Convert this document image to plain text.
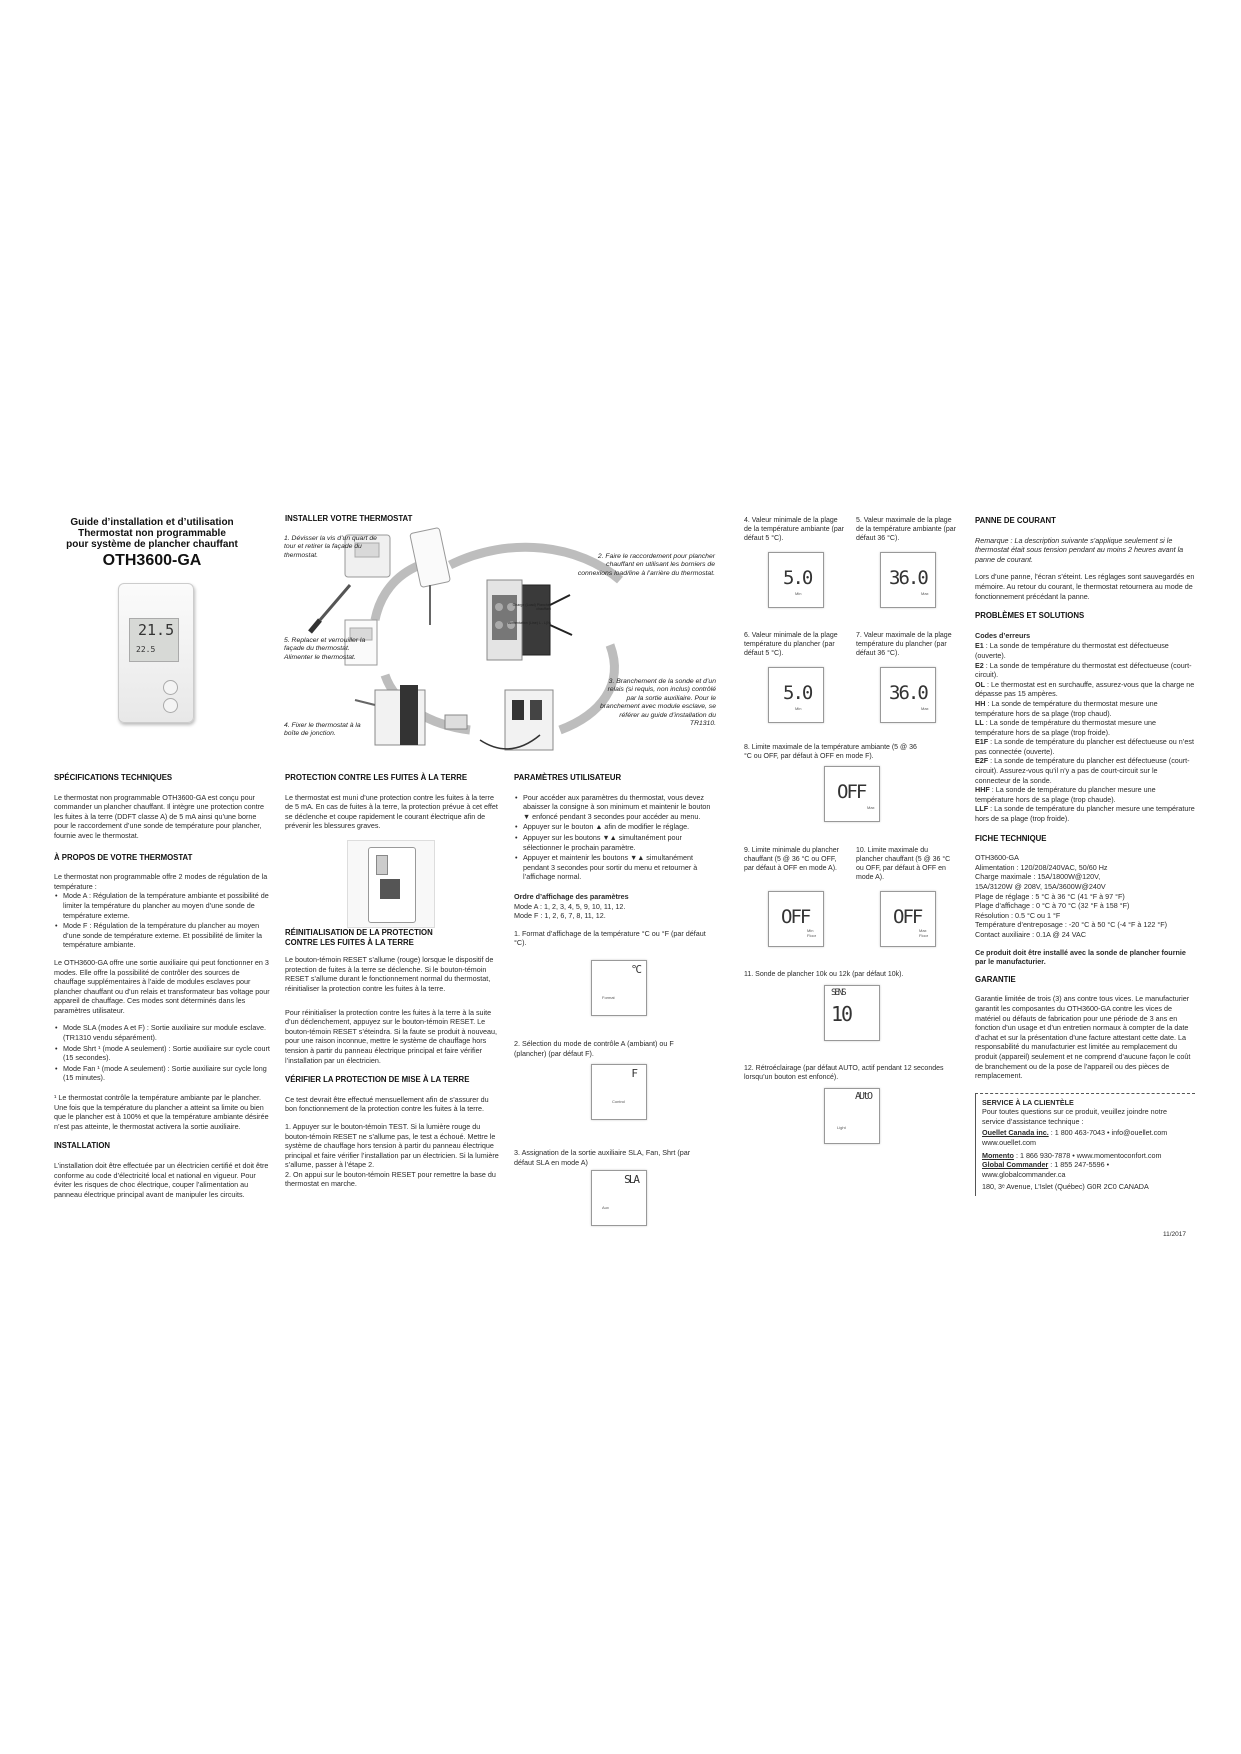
Guide d’installation et d’utilisation
Thermostat non programmable
pour système de plancher chauffant
OTH3600-GA
21.5
22.5
SPÉCIFICATIONS TECHNIQUES

Le thermostat non programmable OTH3600-GA est conçu pour commander un plancher chauffant. Il intègre une protection contre les fuites à la terre (DDFT classe A) de 5 mA ainsi qu’une borne pour le raccordement d’une sonde de température pour plancher, fournie avec le thermostat.

À PROPOS DE VOTRE THERMOSTAT

Le thermostat non programmable offre 2 modes de régulation de la température :

• Mode A : Régulation de la température ambiante et possibilité de limiter la température du plancher au moyen d’une sonde de température externe.
• Mode F : Régulation de la température du plancher au moyen d’une sonde de température externe. Et possibilité de limiter la température ambiante.

Le OTH3600-GA offre une sortie auxiliaire qui peut fonctionner en 3 modes. Elle offre la possibilité de contrôler des sources de chauffage supplémentaires à l’aide de modules esclaves pour plancher chauffant ou d’un relais et transformateur bas voltage pour appareil de chauffage. Ces modes sont déterminés dans les paramètres utilisateur.

• Mode SLA (modes A et F) : Sortie auxiliaire sur module esclave. (TR1310 vendu séparément).
• Mode Shrt ¹ (mode A seulement) : Sortie auxiliaire sur cycle court (15 secondes).
• Mode Fan ¹ (mode A seulement) : Sortie auxiliaire sur cycle long (15 minutes).

¹ Le thermostat contrôle la température ambiante par le plancher. Une fois que la température du plancher a atteint sa limite ou bien que le plancher est à 100% et que la température ambiante désirée n’est pas atteinte, le thermostat activera la sortie auxiliaire.

INSTALLATION

L’installation doit être effectuée par un électricien certifié et doit être conforme au code d’électricité local et national en vigueur. Pour éviter les risques de choc électrique, couper l’alimentation au panneau électrique principal avant de manipuler les circuits.

INSTALLER VOTRE THERMOSTAT
1. Dévisser la vis d’un quart de tour et retirer la façade du thermostat.	2. Faire le raccordement pour plancher chauffant en utilisant les borniers de connexions load/line à l’arrière du thermostat.
Charge (Load) Plancher chauffant
Alimentation (Line) L - L(N)
5. Replacer et verrouiller la façade du thermostat. Alimenter le thermostat.
3. Branchement de la sonde et d’un relais (si requis, non inclus) contrôlé par la sortie auxiliaire. Pour le branchement avec module esclave, se référer au guide d’installation du TR1310.
4. Fixer le thermostat à la boîte de jonction.
PROTECTION CONTRE LES FUITES À LA TERRE

Le thermostat est muni d’une protection contre les fuites à la terre de 5 mA. En cas de fuites à la terre, la protection prévue à cet effet se déclenche et coupe rapidement le courant électrique afin de prévenir les blessures graves.

RÉINITIALISATION DE LA PROTECTION
CONTRE LES FUITES À LA TERRE

Le bouton-témoin RESET s’allume (rouge) lorsque le dispositif de protection de fuites à la terre se déclenche. Si le bouton-témoin RESET s’allume durant le fonctionnement normal du thermostat, réinitialiser la protection contre les fuites à la terre.

Pour réinitialiser la protection contre les fuites à la terre à la suite d’un déclenchement, appuyez sur le bouton-témoin RESET. Le bouton-témoin RESET s’éteindra. Si la faute se produit à nouveau, pour une raison inconnue, mettre le système de chauffage hors tension à partir du panneau électrique principal et faire vérifier l’installation par un électricien.

VÉRIFIER LA PROTECTION DE MISE À LA TERRE

Ce test devrait être effectué mensuellement afin de s’assurer du bon fonctionnement de la protection contre les fuites à la terre.

1. Appuyer sur le bouton-témoin TEST. Si la lumière rouge du bouton-témoin RESET ne s’allume pas, le test a échoué. Mettre le système de chauffage hors tension à partir du panneau électrique principal et faire vérifier l’installation par un électricien. Si la lumière s’allume, passer à l’étape 2.

2. On appui sur le bouton-témoin RESET pour remettre la base du thermostat en marche.

PARAMÈTRES UTILISATEUR
• Pour accéder aux paramètres du thermostat, vous devez abaisser la consigne à son minimum et maintenir le bouton ▼ enfoncé pendant 3 secondes pour accéder au menu.
• Appuyer sur le bouton ▲ afin de modifier le réglage.
• Appuyer sur les boutons ▼▲ simultanément pour sélectionner le prochain paramètre.
• Appuyer et maintenir les boutons ▼▲ simultanément pendant 3 secondes pour sortir du menu et retourner à l’affichage normal.
Ordre d’affichage des paramètres
Mode A : 1, 2, 3, 4, 5, 9, 10, 11, 12.
Mode F : 1, 2, 6, 7, 8, 11, 12.

1. Format d’affichage de la température °C ou °F (par défaut °C).

°C
Format
2. Sélection du mode de contrôle A (ambiant) ou F (plancher) (par défaut F).
F
Control
3. Assignation de la sortie auxiliaire SLA, Fan, Shrt (par défaut SLA en mode A)
SLA
Aux
4. Valeur minimale de la plage de la température ambiante (par défaut 5 °C).
5. Valeur maximale de la plage de la température ambiante (par défaut 36 °C).
5.0
Min
36.0
Max
6. Valeur minimale de la plage température du plancher (par défaut 5 °C).
7. Valeur maximale de la plage température du plancher (par défaut 36 °C).
5.0
Min
36.0
Max
8. Limite maximale de la température ambiante (5 @ 36 °C ou OFF, par défaut à OFF en mode F).
OFF
Max
9. Limite minimale du plancher chauffant (5 @ 36 °C ou OFF, par défaut à OFF en mode A).
10. Limite maximale du plancher chauffant (5 @ 36 °C ou OFF, par défaut à OFF en mode A).
OFF
Min
Floor
OFF
Max
Floor
11. Sonde de plancher 10k ou 12k (par défaut 10k).
SENS
10
12. Rétroéclairage (par défaut AUTO, actif pendant 12 secondes lorsqu’un bouton est enfoncé).
AUtO
Light
PANNE DE COURANT

Remarque : La description suivante s’applique seulement si le thermostat était sous tension pendant au moins 2 heures avant la panne de courant.

Lors d’une panne, l’écran s’éteint. Les réglages sont sauvegardés en mémoire. Au retour du courant, le thermostat retournera au mode de fonctionnement précédant la panne.

PROBLÈMES ET SOLUTIONS
Codes d’erreurs
E1 : La sonde de température du thermostat est défectueuse (ouverte).
E2 : La sonde de température du thermostat est défectueuse (court-circuit).
OL : Le thermostat est en surchauffe, assurez-vous que la charge ne dépasse pas 15 ampères.
HH : La sonde de température du thermostat mesure une température hors de sa plage (trop chaud).
LL : La sonde de température du thermostat mesure une température hors de sa plage (trop froide).
E1F : La sonde de température du plancher est défectueuse ou n’est pas connectée (ouverte).
E2F : La sonde de température du plancher est défectueuse (court-circuit). Assurez-vous qu’il n’y a pas de court-circuit sur le connecteur de la sonde.
HHF : La sonde de température du plancher mesure une température hors de sa plage (trop chaude).
LLF : La sonde de température du plancher mesure une température hors de sa plage (trop froide).
FICHE TECHNIQUE
OTH3600-GA
Alimentation : 120/208/240VAC, 50/60 Hz
Charge maximale : 15A/1800W@120V,
15A/3120W @ 208V, 15A/3600W@240V
Plage de réglage : 5 °C à 36 °C (41 °F à 97 °F)
Plage d’affichage : 0 °C à 70 °C (32 °F à 158 °F)
Résolution : 0.5 °C ou 1 °F
Température d’entreposage : -20 °C à 50 °C (-4 °F à 122 °F)
Contact auxiliaire : 0.1A @ 24 VAC

Ce produit doit être installé avec la sonde de plancher fournie par le manufacturier.

GARANTIE

Garantie limitée de trois (3) ans contre tous vices. Le manufacturier garantit les composantes du OTH3600-GA contre les vices de matériel ou défauts de fabrication pour une période de 3 ans en fonction d’un usage et d’un entretien normaux à compter de la date d’achat et sur la présentation d’une facture attestant cette date. La responsabilité du manufacturier est limitée au remplacement du produit (appareil) seulement et ne comprend d’aucune façon le coût de branchement ou de la pose de l’appareil ou des pièces de remplacement.

SERVICE À LA CLIENTÈLE
Pour toutes questions sur ce produit, veuillez joindre notre service d’assistance technique :
Ouellet Canada inc. : 1 800 463-7043 • info@ouellet.com
www.ouellet.com
Momento : 1 866 930-7878 • www.momentoconfort.com
Global Commander : 1 855 247-5596 •
www.globalcommander.ca
180, 3ᵉ Avenue, L’Islet (Québec) G0R 2C0 CANADA
11/2017
